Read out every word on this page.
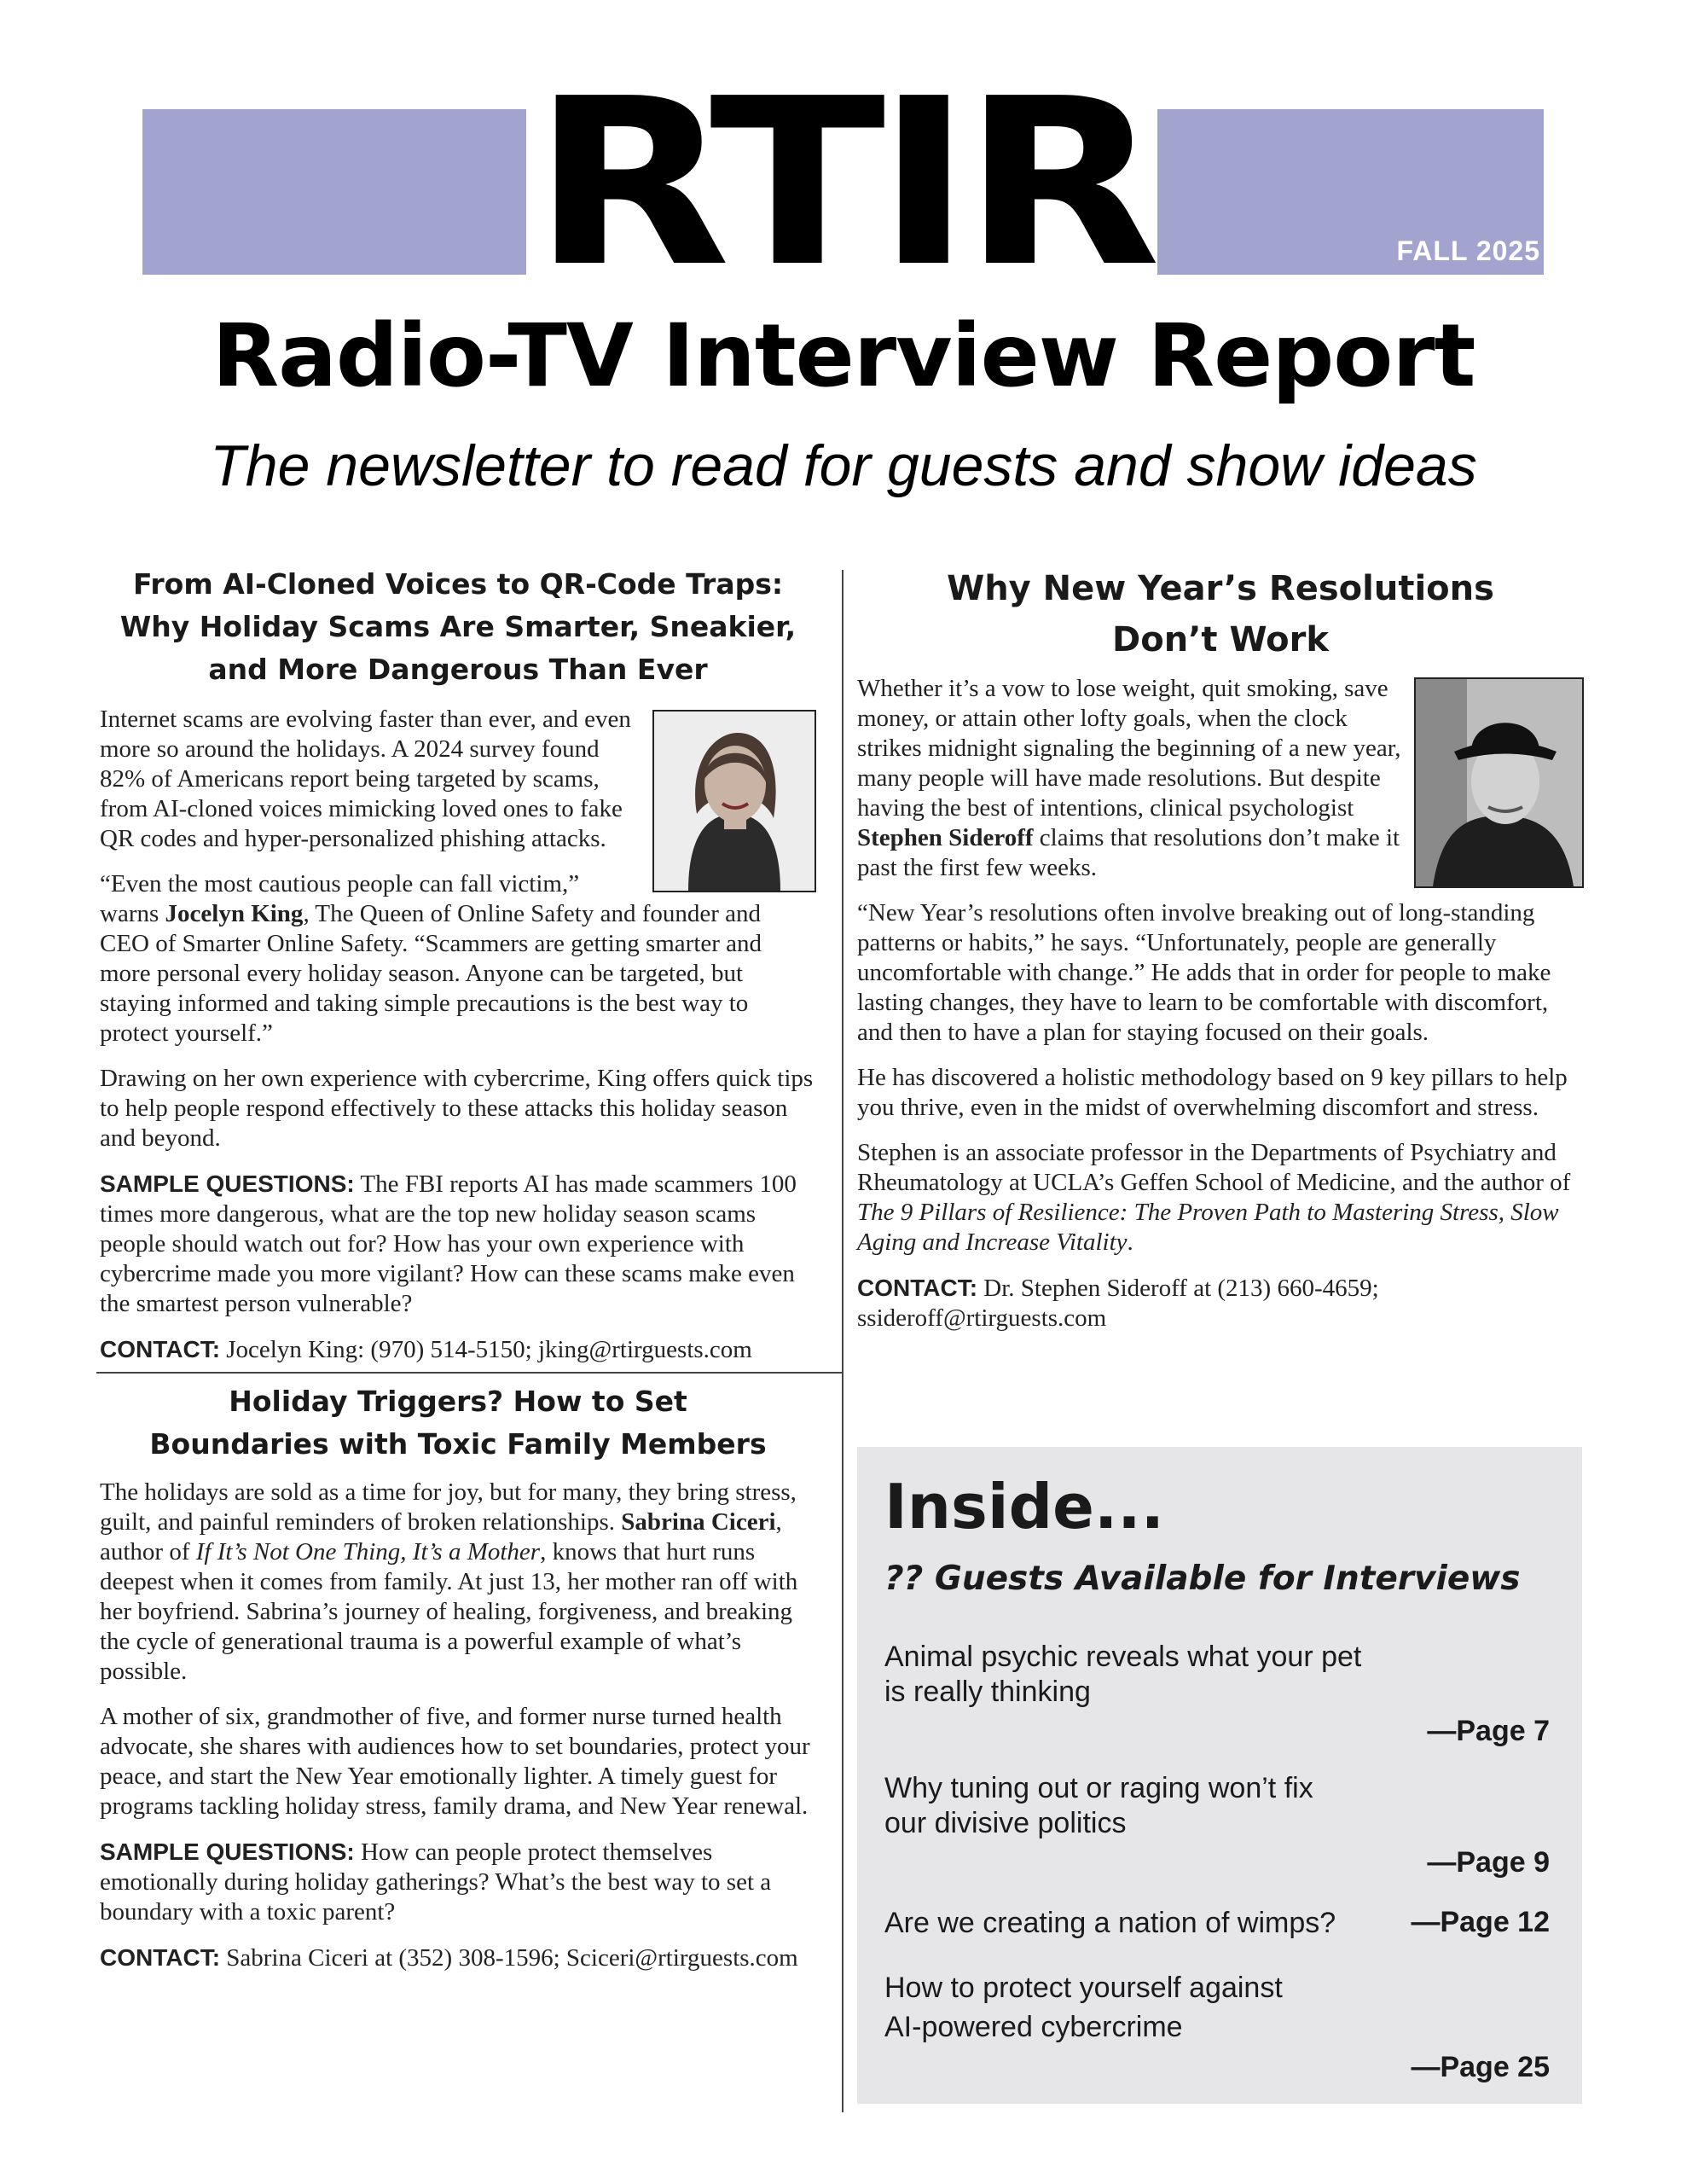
RTIR	FALL 2025
Radio-TV Interview Report
The newsletter to read for guests and show ideas
From AI-Cloned Voices to QR-Code Traps:
Why Holiday Scams Are Smarter, Sneakier,
and More Dangerous Than Ever

Internet scams are evolving faster than ever, and even more so around the holidays. A 2024 survey found 82% of Americans report being targeted by scams, from AI-cloned voices mimicking loved ones to fake QR codes and hyper-personalized phishing attacks.

“Even the most cautious people can fall victim,” warns Jocelyn King, The Queen of Online Safety and founder and CEO of Smarter Online Safety. “Scammers are getting smarter and more personal every holiday season. Anyone can be targeted, but staying informed and taking simple precautions is the best way to protect yourself.”

Drawing on her own experience with cybercrime, King offers quick tips to help people respond effectively to these attacks this holiday season and beyond.

SAMPLE QUESTIONS: The FBI reports AI has made scammers 100 times more dangerous, what are the top new holiday season scams people should watch out for? How has your own experience with cybercrime made you more vigilant? How can these scams make even the smartest person vulnerable?

CONTACT: Jocelyn King: (970) 514-5150; jking@rtirguests.com

Holiday Triggers? How to Set
Boundaries with Toxic Family Members

The holidays are sold as a time for joy, but for many, they bring stress, guilt, and painful reminders of broken relationships. Sabrina Ciceri, author of If It’s Not One Thing, It’s a Mother, knows that hurt runs deepest when it comes from family. At just 13, her mother ran off with her boyfriend. Sabrina’s journey of healing, forgiveness, and breaking the cycle of generational trauma is a powerful example of what’s possible.

A mother of six, grandmother of five, and former nurse turned health advocate, she shares with audiences how to set boundaries, protect your peace, and start the New Year emotionally lighter. A timely guest for programs tackling holiday stress, family drama, and New Year renewal.

SAMPLE QUESTIONS: How can people protect themselves emotionally during holiday gatherings? What’s the best way to set a boundary with a toxic parent?

CONTACT: Sabrina Ciceri at (352) 308-1596; Sciceri@rtirguests.com

Why New Year’s Resolutions
Don’t Work

Whether it’s a vow to lose weight, quit smoking, save money, or attain other lofty goals, when the clock strikes midnight signaling the beginning of a new year, many people will have made resolutions. But despite having the best of intentions, clinical psychologist Stephen Sideroff claims that resolutions don’t make it past the first few weeks.

“New Year’s resolutions often involve breaking out of long-standing patterns or habits,” he says. “Unfortunately, people are generally uncomfortable with change.” He adds that in order for people to make lasting changes, they have to learn to be comfortable with discomfort, and then to have a plan for staying focused on their goals.

He has discovered a holistic methodology based on 9 key pillars to help you thrive, even in the midst of overwhelming discomfort and stress.

Stephen is an associate professor in the Departments of Psychiatry and Rheumatology at UCLA’s Geffen School of Medicine, and the author of The 9 Pillars of Resilience: The Proven Path to Mastering Stress, Slow Aging and Increase Vitality.

CONTACT: Dr. Stephen Sideroff at (213) 660-4659; ssideroff@rtirguests.com

Inside...
?? Guests Available for Interviews
Animal psychic reveals what your pet
is really thinking
—Page 7
Why tuning out or raging won’t fix
our divisive politics
—Page 9
Are we creating a nation of wimps?	—Page 12
How to protect yourself against
AI-powered cybercrime
—Page 25
